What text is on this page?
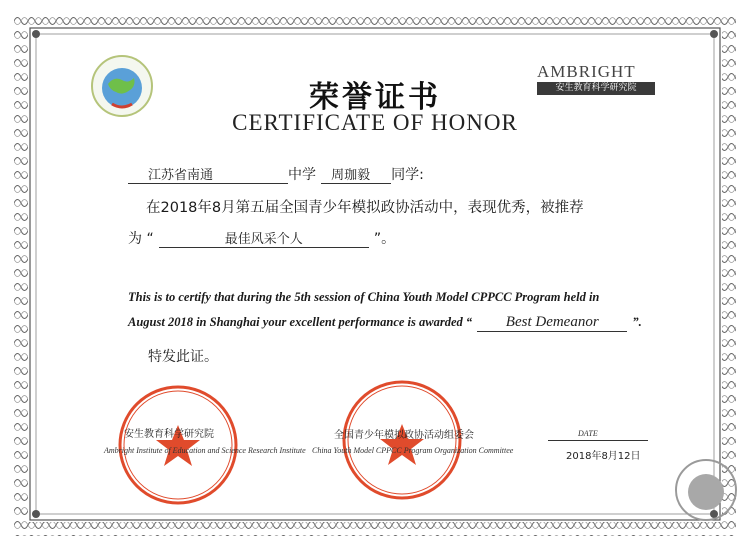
荣誉证书
CERTIFICATE OF HONOR
AMBRIGHT
安生教育科学研究院
江苏省南通	中学 周珈毅 同学:
在2018年8月第五届全国青少年模拟政协活动中，表现优秀，被推荐
为 “	最佳风采个人	”。
This is to certify that during the 5th session of China Youth Model CPPCC Program held in
August 2018 in Shanghai your excellent performance is awarded “ Best Demeanor	”.
特发此证。
安生教育科学研究院
Ambright Institute of Education and Science Research Institute
全国青少年模拟政协活动组委会
China Youth Model CPPCC Program Organization Committee
DATE
2018年8月12日
